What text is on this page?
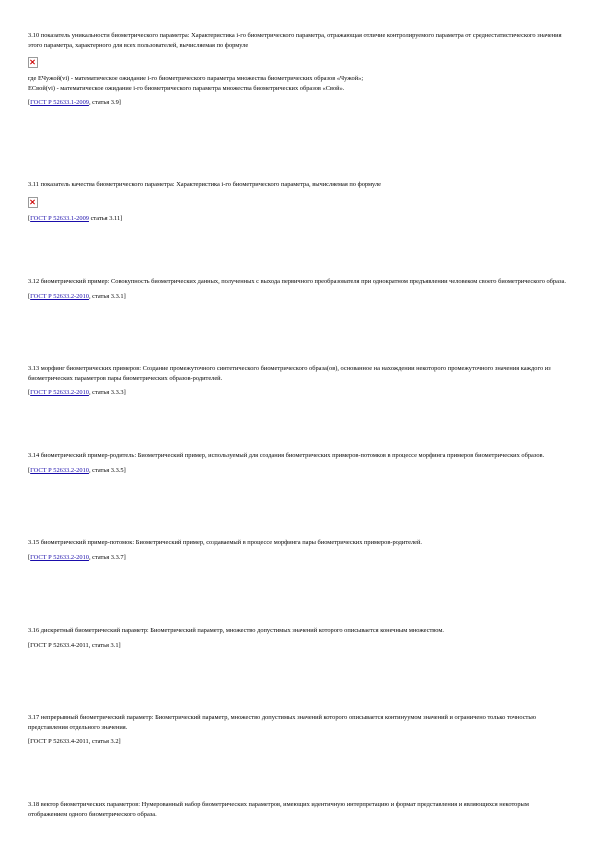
3.10 показатель уникальности биометрического параметра: Характеристика i-го биометрического параметра, отражающая отличие контролируемого параметра от среднестатистического значения этого параметра, характерного для всех пользователей, вычисляемая по формуле

где EЧужой(vi) - математическое ожидание i-го биометрического параметра множества биометрических образов «Чужой»;

EСвой(vi) - математическое ожидание i-го биометрического параметра множества биометрических образов «Свой».

[ГОСТ Р 52633.1-2009, статья 3.9]

3.11 показатель качества биометрического параметра: Характеристика i-го биометрического параметра, вычисляемая по формуле

[ГОСТ Р 52633.1-2009 статья 3.11]

3.12 биометрический пример: Совокупность биометрических данных, полученных с выхода первичного преобразователя при однократном предъявлении человеком своего биометрического образа.

[ГОСТ Р 52633.2-2010, статья 3.3.1]

3.13 морфинг биометрических примеров: Создание промежуточного синтетического биометрического образа(ов), основанное на нахождении некоторого промежуточного значения каждого из биометрических параметров пары биометрических образов-родителей.

[ГОСТ Р 52633.2-2010, статья 3.3.3]

3.14 биометрический пример-родитель: Биометрический пример, используемый для создания биометрических примеров-потомков в процессе морфинга примеров биометрических образов.

[ГОСТ Р 52633.2-2010, статья 3.3.5]

3.15 биометрический пример-потомок: Биометрический пример, создаваемый в процессе морфинга пары биометрических примеров-родителей.

[ГОСТ Р 52633.2-2010, статья 3.3.7]

3.16 дискретный биометрический параметр: Биометрический параметр, множество допустимых значений которого описывается конечным множеством.

[ГОСТ Р 52633.4-2011, статья 3.1]

3.17 непрерывный биометрический параметр: Биометрический параметр, множество допустимых значений которого описывается континуумом значений и ограничено только точностью представления отдельного значения.

[ГОСТ Р 52633.4-2011, статья 3.2]

3.18 вектор биометрических параметров: Нумерованный набор биометрических параметров, имеющих идентичную интерпретацию и формат представления и являющихся некоторым отображением одного биометрического образа.
